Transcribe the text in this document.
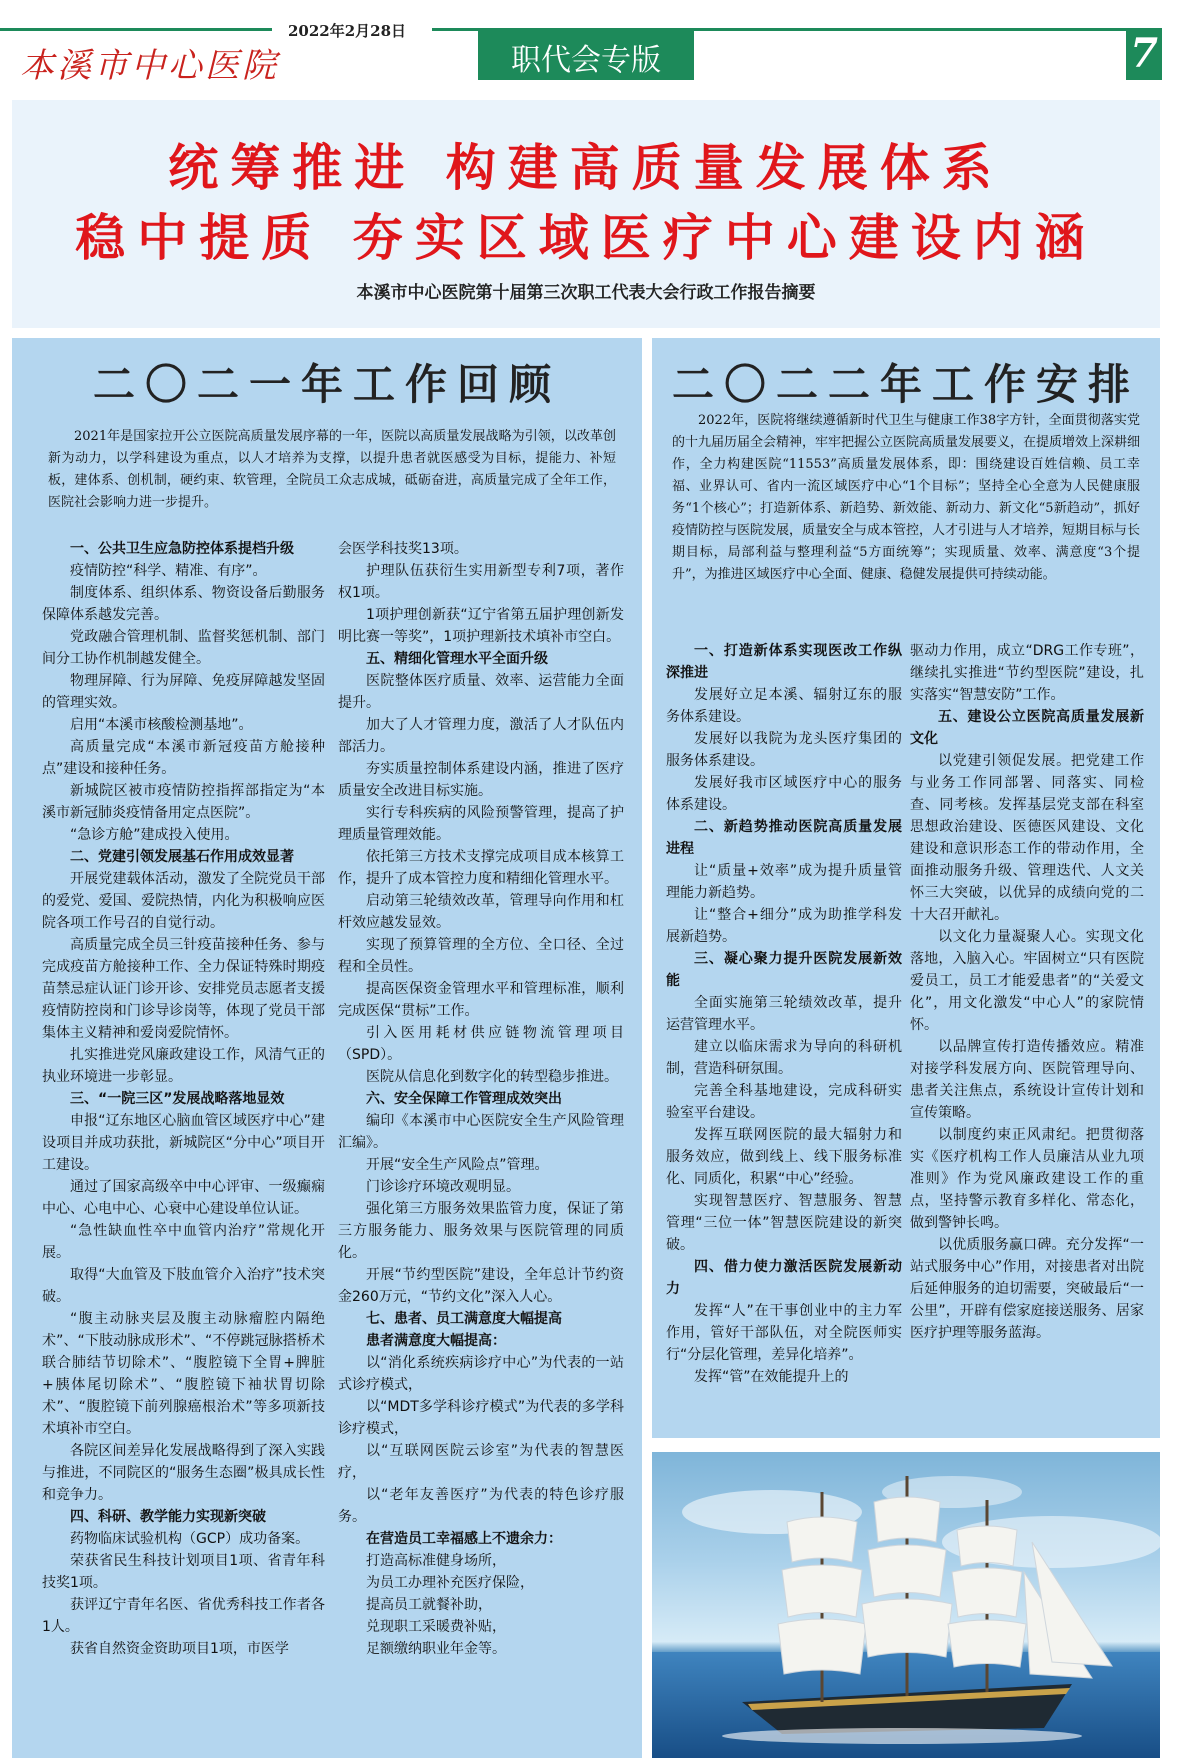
本溪市中心医院
2022年2月28日
职代会专版	7
统筹推进 构建高质量发展体系
稳中提质 夯实区域医疗中心建设内涵
本溪市中心医院第十届第三次职工代表大会行政工作报告摘要
二〇二一年工作回顾

2021年是国家拉开公立医院高质量发展序幕的一年，医院以高质量发展战略为引领，以改革创新为动力，以学科建设为重点，以人才培养为支撑，以提升患者就医感受为目标，提能力、补短板，建体系、创机制，硬约束、软管理，全院员工众志成城，砥砺奋进，高质量完成了全年工作，医院社会影响力进一步提升。

一、公共卫生应急防控体系提档升级

疫情防控“科学、精准、有序”。

制度体系、组织体系、物资设备后勤服务保障体系越发完善。

党政融合管理机制、监督奖惩机制、部门间分工协作机制越发健全。

物理屏障、行为屏障、免疫屏障越发坚固的管理实效。

启用“本溪市核酸检测基地”。

高质量完成“本溪市新冠疫苗方舱接种点”建设和接种任务。

新城院区被市疫情防控指挥部指定为“本溪市新冠肺炎疫情备用定点医院”。

“急诊方舱”建成投入使用。

二、党建引领发展基石作用成效显著

开展党建载体活动，激发了全院党员干部的爱党、爱国、爱院热情，内化为积极响应医院各项工作号召的自觉行动。

高质量完成全员三针疫苗接种任务、参与完成疫苗方舱接种工作、全力保证特殊时期疫苗禁忌症认证门诊开诊、安排党员志愿者支援疫情防控岗和门诊导诊岗等，体现了党员干部集体主义精神和爱岗爱院情怀。

扎实推进党风廉政建设工作，风清气正的执业环境进一步彰显。

三、“一院三区”发展战略落地显效

申报“辽东地区心脑血管区域医疗中心”建设项目并成功获批，新城院区“分中心”项目开工建设。

通过了国家高级卒中中心评审、一级癫痫中心、心电中心、心衰中心建设单位认证。

“急性缺血性卒中血管内治疗”常规化开展。

取得“大血管及下肢血管介入治疗”技术突破。

“腹主动脉夹层及腹主动脉瘤腔内隔绝术”、“下肢动脉成形术”、“不停跳冠脉搭桥术联合肺结节切除术”、“腹腔镜下全胃+脾脏+胰体尾切除术”、“腹腔镜下袖状胃切除术”、“腹腔镜下前列腺癌根治术”等多项新技术填补市空白。

各院区间差异化发展战略得到了深入实践与推进，不同院区的“服务生态圈”极具成长性和竞争力。

四、科研、教学能力实现新突破

药物临床试验机构（GCP）成功备案。

荣获省民生科技计划项目1项、省青年科技奖1项。

获评辽宁青年名医、省优秀科技工作者各1人。

获省自然资金资助项目1项，市医学

会医学科技奖13项。

护理队伍获衍生实用新型专利7项，著作权1项。

1项护理创新获“辽宁省第五届护理创新发明比赛一等奖”，1项护理新技术填补市空白。

五、精细化管理水平全面升级

医院整体医疗质量、效率、运营能力全面提升。

加大了人才管理力度，激活了人才队伍内部活力。

夯实质量控制体系建设内涵，推进了医疗质量安全改进目标实施。

实行专科疾病的风险预警管理，提高了护理质量管理效能。

依托第三方技术支撑完成项目成本核算工作，提升了成本管控力度和精细化管理水平。

启动第三轮绩效改革，管理导向作用和杠杆效应越发显效。

实现了预算管理的全方位、全口径、全过程和全员性。

提高医保资金管理水平和管理标准，顺利完成医保“贯标”工作。

引入医用耗材供应链物流管理项目（SPD）。

医院从信息化到数字化的转型稳步推进。

六、安全保障工作管理成效突出

编印《本溪市中心医院安全生产风险管理汇编》。

开展“安全生产风险点”管理。

门诊诊疗环境改观明显。

强化第三方服务效果监管力度，保证了第三方服务能力、服务效果与医院管理的同质化。

开展“节约型医院”建设，全年总计节约资金260万元，“节约文化”深入人心。

七、患者、员工满意度大幅提高
患者满意度大幅提高：

以“消化系统疾病诊疗中心”为代表的一站式诊疗模式，

以“MDT多学科诊疗模式”为代表的多学科诊疗模式，

以“互联网医院云诊室”为代表的智慧医疗，

以“老年友善医疗”为代表的特色诊疗服务。

在营造员工幸福感上不遗余力：

打造高标准健身场所，

为员工办理补充医疗保险，

提高员工就餐补助，

兑现职工采暖费补贴，

足额缴纳职业年金等。

二〇二二年工作安排

2022年，医院将继续遵循新时代卫生与健康工作38字方针，全面贯彻落实党的十九届历届全会精神，牢牢把握公立医院高质量发展要义，在提质增效上深耕细作，全力构建医院“11553”高质量发展体系，即：围绕建设百姓信赖、员工幸福、业界认可、省内一流区域医疗中心“1个目标”；坚持全心全意为人民健康服务“1个核心”；打造新体系、新趋势、新效能、新动力、新文化“5新趋动”，抓好疫情防控与医院发展，质量安全与成本管控，人才引进与人才培养，短期目标与长期目标，局部利益与整理利益“5方面统筹”；实现质量、效率、满意度“3个提升”，为推进区域医疗中心全面、健康、稳健发展提供可持续动能。

一、打造新体系实现医改工作纵深推进

发展好立足本溪、辐射辽东的服务体系建设。

发展好以我院为龙头医疗集团的服务体系建设。

发展好我市区域医疗中心的服务体系建设。

二、新趋势推动医院高质量发展进程

让“质量+效率”成为提升质量管理能力新趋势。

让“整合+细分”成为助推学科发展新趋势。

三、凝心聚力提升医院发展新效能

全面实施第三轮绩效改革，提升运营管理水平。

建立以临床需求为导向的科研机制，营造科研氛围。

完善全科基地建设，完成科研实验室平台建设。

发挥互联网医院的最大辐射力和服务效应，做到线上、线下服务标准化、同质化，积累“中心”经验。

实现智慧医疗、智慧服务、智慧管理“三位一体”智慧医院建设的新突破。

四、借力使力激活医院发展新动力

发挥“人”在干事创业中的主力军作用，管好干部队伍，对全院医师实行“分层化管理，差异化培养”。

发挥“管”在效能提升上的

驱动力作用，成立“DRG工作专班”，继续扎实推进“节约型医院”建设，扎实落实“智慧安防”工作。

五、建设公立医院高质量发展新文化

以党建引领促发展。把党建工作与业务工作同部署、同落实、同检查、同考核。发挥基层党支部在科室思想政治建设、医德医风建设、文化建设和意识形态工作的带动作用，全面推动服务升级、管理迭代、人文关怀三大突破，以优异的成绩向党的二十大召开献礼。

以文化力量凝聚人心。实现文化落地，入脑入心。牢固树立“只有医院爱员工，员工才能爱患者”的“关爱文化”，用文化激发“中心人”的家院情怀。

以品牌宣传打造传播效应。精准对接学科发展方向、医院管理导向、患者关注焦点，系统设计宣传计划和宣传策略。

以制度约束正风肃纪。把贯彻落实《医疗机构工作人员廉洁从业九项准则》作为党风廉政建设工作的重点，坚持警示教育多样化、常态化，做到警钟长鸣。

以优质服务赢口碑。充分发挥“一站式服务中心”作用，对接患者对出院后延伸服务的迫切需要，突破最后“一公里”，开辟有偿家庭接送服务、居家医疗护理等服务蓝海。
